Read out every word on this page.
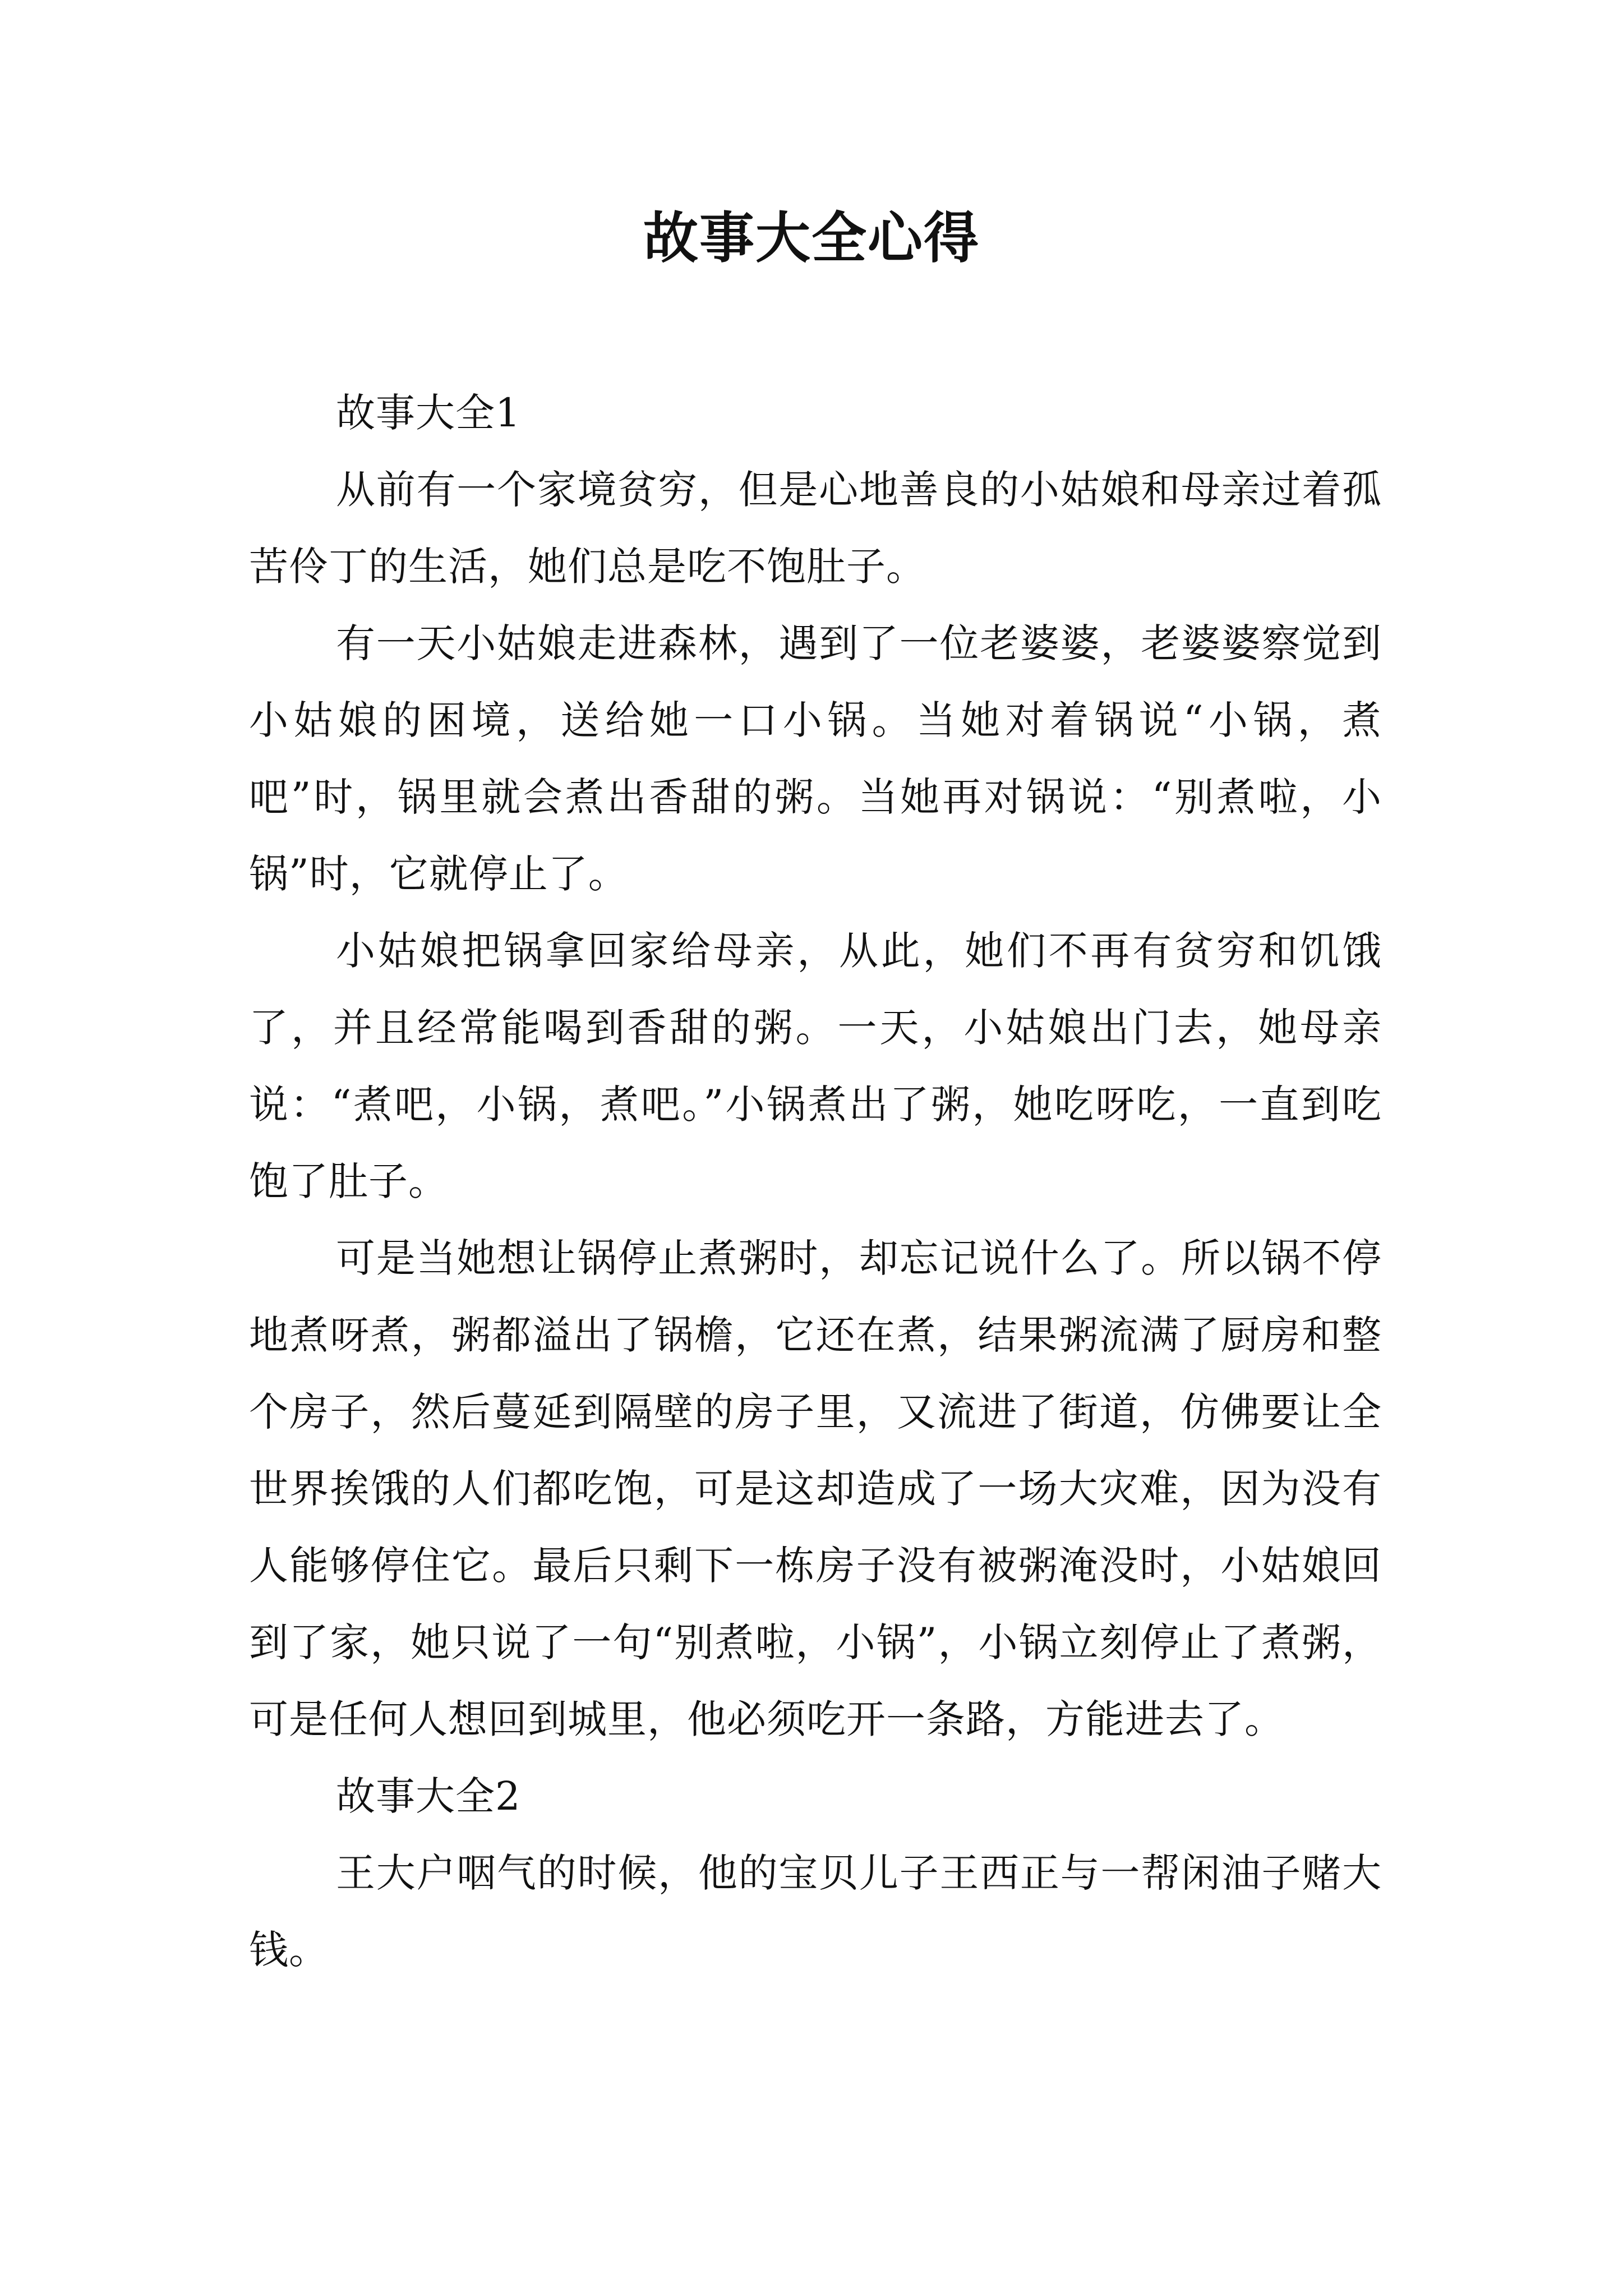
故事大全心得

故事大全1

从前有一个家境贫穷，但是心地善良的小姑娘和母亲过着孤苦伶丁的生活，她们总是吃不饱肚子。

有一天小姑娘走进森林，遇到了一位老婆婆，老婆婆察觉到小姑娘的困境，送给她一口小锅。当她对着锅说“小锅，煮吧”时，锅里就会煮出香甜的粥。当她再对锅说：“别煮啦，小锅”时，它就停止了。

小姑娘把锅拿回家给母亲，从此，她们不再有贫穷和饥饿了，并且经常能喝到香甜的粥。一天，小姑娘出门去，她母亲说：“煮吧，小锅，煮吧。”小锅煮出了粥，她吃呀吃，一直到吃饱了肚子。

可是当她想让锅停止煮粥时，却忘记说什么了。所以锅不停地煮呀煮，粥都溢出了锅檐，它还在煮，结果粥流满了厨房和整个房子，然后蔓延到隔壁的房子里，又流进了街道，仿佛要让全世界挨饿的人们都吃饱，可是这却造成了一场大灾难，因为没有人能够停住它。最后只剩下一栋房子没有被粥淹没时，小姑娘回到了家，她只说了一句“别煮啦，小锅”，小锅立刻停止了煮粥，可是任何人想回到城里，他必须吃开一条路，方能进去了。

故事大全2

王大户咽气的时候，他的宝贝儿子王西正与一帮闲油子赌大钱。
